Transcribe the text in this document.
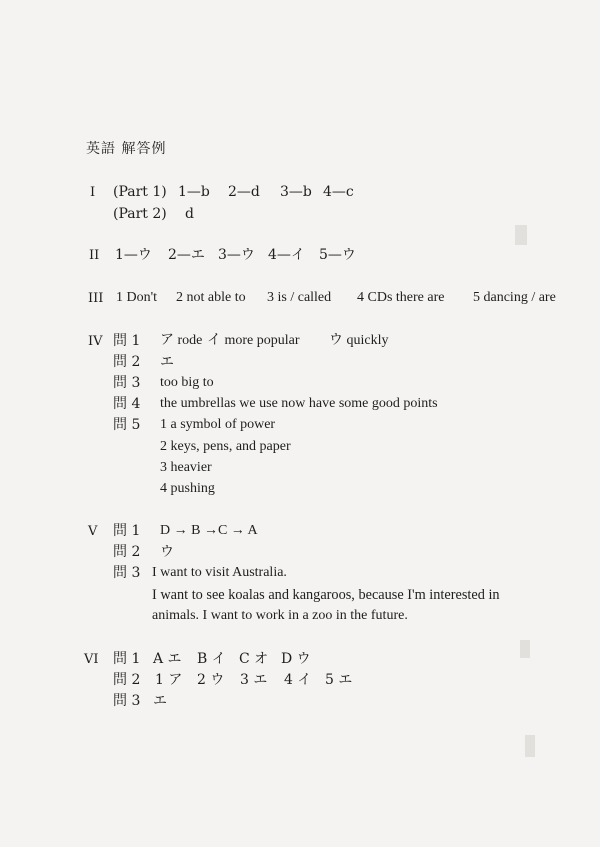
英語 解答例
I (Part 1) 1—b 2—d 3—b 4—c
(Part 2) d
II 1—ウ 2—エ 3—ウ 4—イ 5—ウ
III 1 Don't 2 not able to 3 is / called 4 CDs there are 5 dancing / are
IV 問 1 ア rode イ more popular ウ quickly
問 2 エ
問 3 too big to
問 4 the umbrellas we use now have some good points
問 5 1 a symbol of power
2 keys, pens, and paper
3 heavier
4 pushing
V 問 1 D → B →C → A
問 2 ウ
問 3 I want to visit Australia.
I want to see koalas and kangaroos, because I'm interested in
animals. I want to work in a zoo in the future.
VI 問 1 A エ B イ C オ D ウ
問 2 1 ア 2 ウ 3 エ 4 イ 5 エ
問 3 エ
